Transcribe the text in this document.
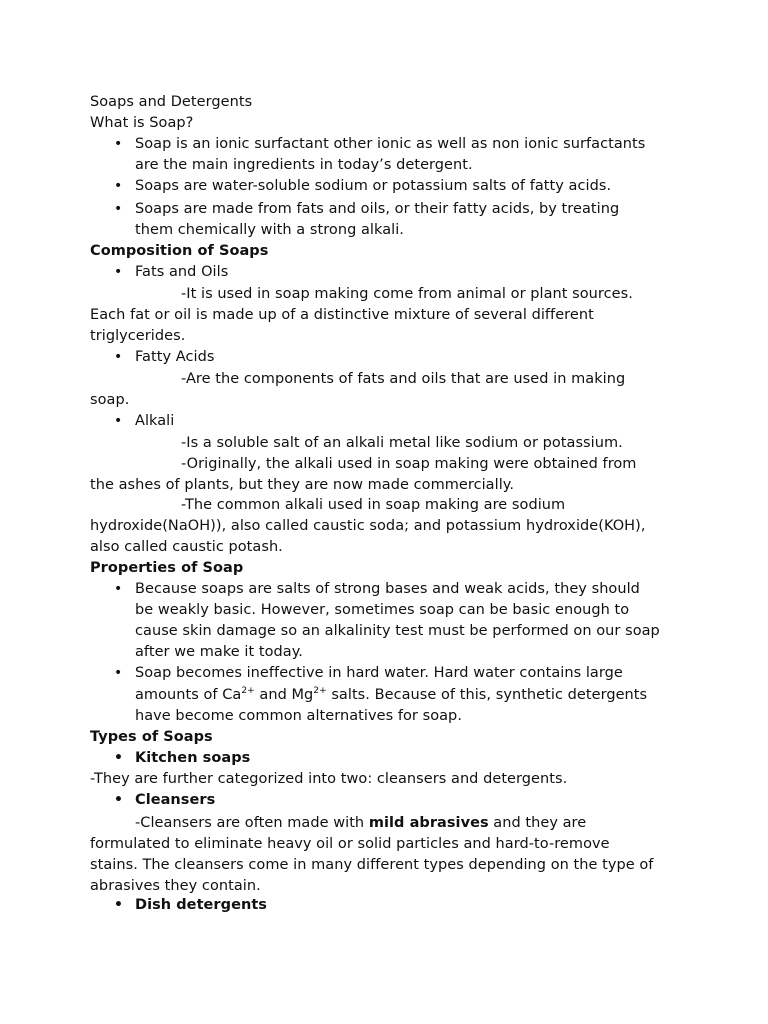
Soaps and Detergents
What is Soap?
• Soap is an ionic surfactant other ionic as well as non ionic surfactants
are the main ingredients in today’s detergent.
• Soaps are water-soluble sodium or potassium salts of fatty acids.
• Soaps are made from fats and oils, or their fatty acids, by treating
them chemically with a strong alkali.
Composition of Soaps
• Fats and Oils
-It is used in soap making come from animal or plant sources.
Each fat or oil is made up of a distinctive mixture of several different
triglycerides.
• Fatty Acids
-Are the components of fats and oils that are used in making
soap.
• Alkali
-Is a soluble salt of an alkali metal like sodium or potassium.
-Originally, the alkali used in soap making were obtained from
the ashes of plants, but they are now made commercially.
-The common alkali used in soap making are sodium
hydroxide(NaOH)), also called caustic soda; and potassium hydroxide(KOH),
also called caustic potash.
Properties of Soap
• Because soaps are salts of strong bases and weak acids, they should
be weakly basic. However, sometimes soap can be basic enough to
cause skin damage so an alkalinity test must be performed on our soap
after we make it today.
• Soap becomes ineffective in hard water. Hard water contains large
amounts of $Ca^{2+}$ and $Mg^{2+}$ salts. Because of this, synthetic detergents
have become common alternatives for soap.
Types of Soaps
• Kitchen soaps
-They are further categorized into two: cleansers and detergents.
• Cleansers
-Cleansers are often made with mild abrasives and they are
formulated to eliminate heavy oil or solid particles and hard-to-remove
stains. The cleansers come in many different types depending on the type of
abrasives they contain.
• Dish detergents
